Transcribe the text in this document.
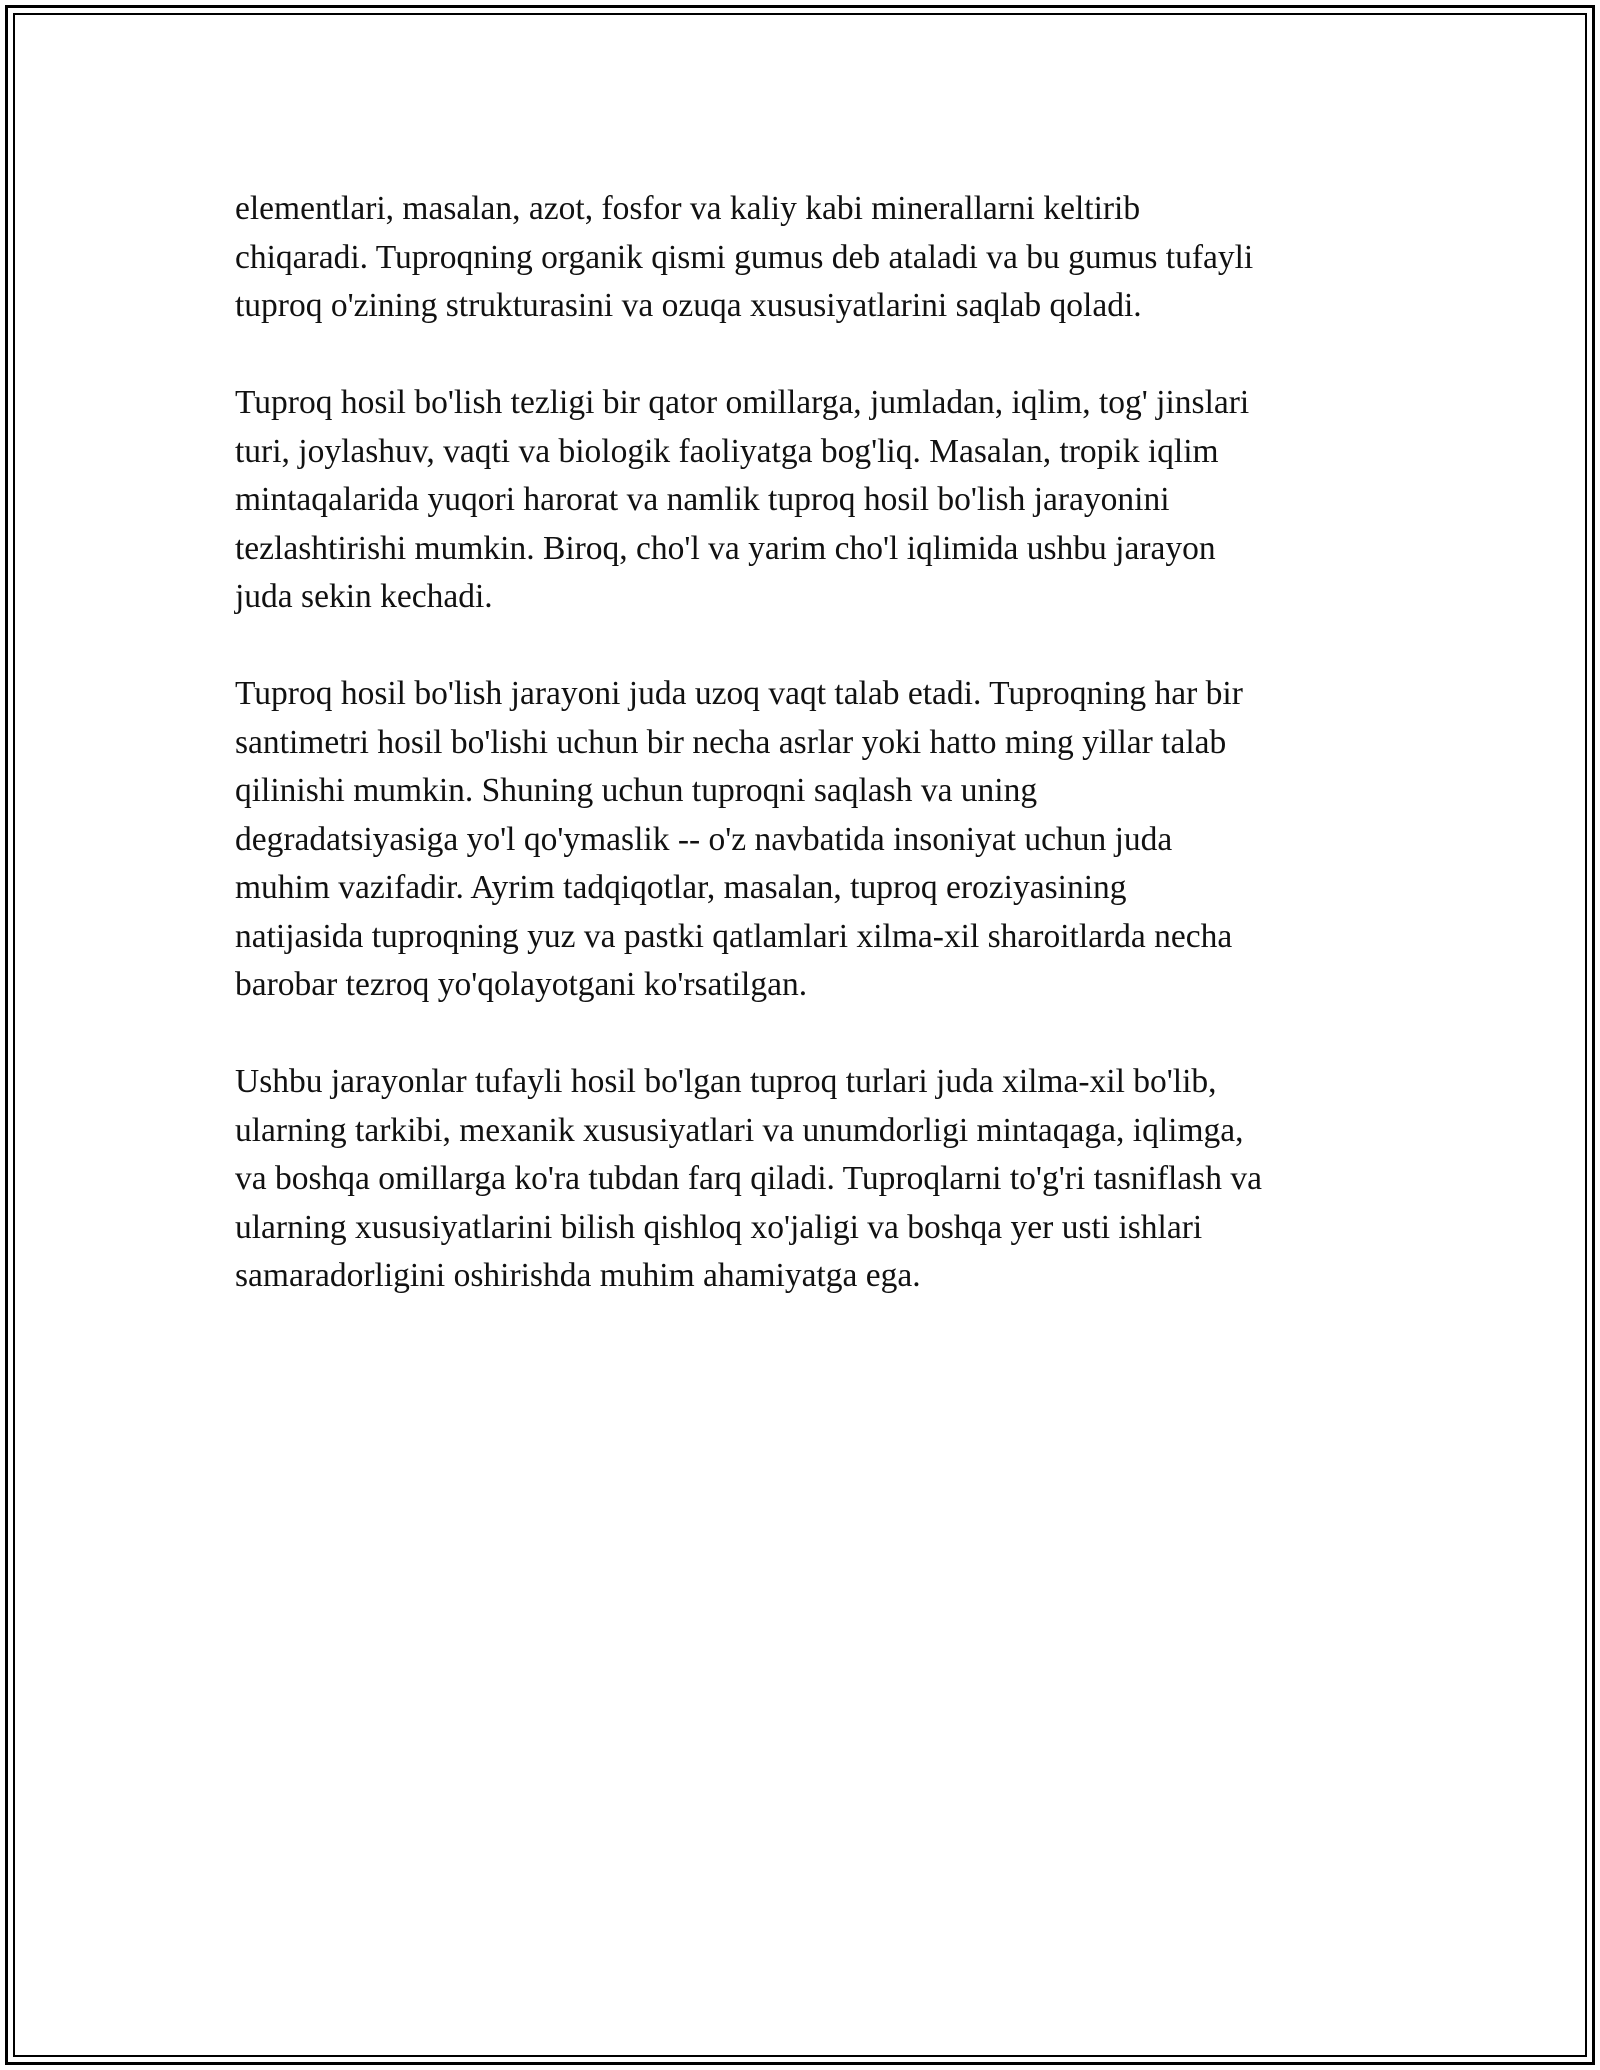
elementlari, masalan, azot, fosfor va kaliy kabi minerallarni keltirib
chiqaradi. Tuproqning organik qismi gumus deb ataladi va bu gumus tufayli
tuproq o'zining strukturasini va ozuqa xususiyatlarini saqlab qoladi.

Tuproq hosil bo'lish tezligi bir qator omillarga, jumladan, iqlim, tog' jinslari
turi, joylashuv, vaqti va biologik faoliyatga bog'liq. Masalan, tropik iqlim
mintaqalarida yuqori harorat va namlik tuproq hosil bo'lish jarayonini
tezlashtirishi mumkin. Biroq, cho'l va yarim cho'l iqlimida ushbu jarayon
juda sekin kechadi.

Tuproq hosil bo'lish jarayoni juda uzoq vaqt talab etadi. Tuproqning har bir
santimetri hosil bo'lishi uchun bir necha asrlar yoki hatto ming yillar talab
qilinishi mumkin. Shuning uchun tuproqni saqlash va uning
degradatsiyasiga yo'l qo'ymaslik -- o'z navbatida insoniyat uchun juda
muhim vazifadir. Ayrim tadqiqotlar, masalan, tuproq eroziyasining
natijasida tuproqning yuz va pastki qatlamlari xilma-xil sharoitlarda necha
barobar tezroq yo'qolayotgani ko'rsatilgan.

Ushbu jarayonlar tufayli hosil bo'lgan tuproq turlari juda xilma-xil bo'lib,
ularning tarkibi, mexanik xususiyatlari va unumdorligi mintaqaga, iqlimga,
va boshqa omillarga ko'ra tubdan farq qiladi. Tuproqlarni to'g'ri tasniflash va
ularning xususiyatlarini bilish qishloq xo'jaligi va boshqa yer usti ishlari
samaradorligini oshirishda muhim ahamiyatga ega.
